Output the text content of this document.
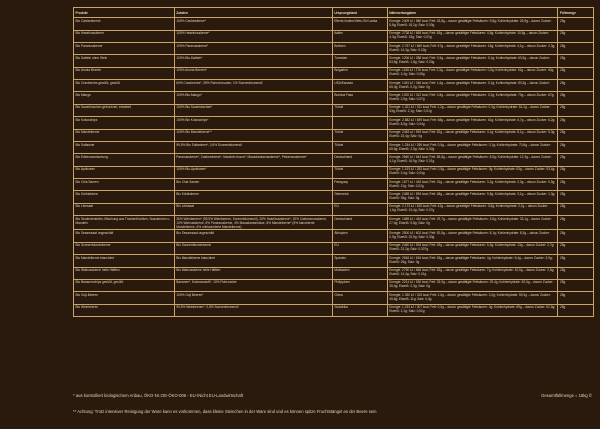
Produkt	Zutaten	Ursprungsland	Nährwertangaben	Füllmenge
Bio Cashewkerne	100% Cashewkerne*	Elfenb./Indien/Vietn./Sri Lanka	Energie: 2409 kJ / 580 kcal; Fett: 43,8g – davon gesättigte Fettsäuren: 9,8g; Kohlenhydrate: 26,9g – davon Zucker: 5,8g; Eiweiß: 18,2g; Salz: 0,03g	25g
Bio Haselnusskerne	100% Haselnusskerne*	Italien	Energie: 2738 kJ / 665 kcal; Fett: 63g – davon gesättigte Fettsäuren: 4,5g; Kohlenhydrate: 10,5g – davon Zucker: 4,3g; Eiweiß: 15g; Salz: 0,01g	25g
Bio Paranusskerne	100% Paranusskerne*	Bolivien	Energie: 2.757 kJ / 669 kcal; Fett: 67g – davon gesättigte Fettsäuren: 16g; Kohlenhydrate: 4,1g – davon Zucker: 2,3g; Eiweiß: 14,3g; Salz: 0,02g	25g
Bio Datteln ohne Stein	100% Bio-Datteln*	Tunesien	Energie: 1206 kJ / 288 kcal; Fett: 0,5g – davon gesättigte Fettsäuren: 0,1g; Kohlenhydrate: 63,5g – davon Zucker: 63,5g; Eiweiß: 1,8g; Salz: 0,03g	25g
Bio Aronia Beeren	100% Aronia Beeren*	Bulgarien	Energie: 1158 kJ / 276 kcal; Fett: 2,5g – davon gesättigte Fettsäuren: 0,5g; Kohlenhydrate: 51g – davon Zucker: 40g; Eiweiß: 2,4g; Salz: 0,05g	25g
Bio Cranberries gesüßt, gesüßt	60% Cranberries*, 39% Rohrohrzucker, 1% Sonnenblumenöl	USA/Kanada	Energie: 1451 kJ / 346 kcal; Fett: 1,6g – davon gesättigte Fettsäuren: 0,1g; Kohlenhydrate: 83,3g – davon Zucker: 65,3g; Eiweiß: 0,2g; Salz: 0g	25g
Bio Mango	100% Bio-Mango*	Burkina Faso	Energie: 1320 kJ / 312 kcal; Fett: 0,8g – davon gesättigte Fettsäuren: 0,2g; Kohlenhydrate: 70g – davon Zucker: 67g; Eiweiß: 2,5g; Salz: 0,07g	25g
Bio Sauerkirschen getrocknet, entsteint	100% Bio Sauerkirschen*	Türkei	Energie: 1.321 kJ / 311 kcal; Fett: 1,2g – davon gesättigte Fettsäuren: 0,3g; Kohlenhydrate: 54,2g – davon Zucker: 53g; Eiweiß: 2,1g; Salz: 0,01g	25g
Bio Kokoschips	100% Bio Kokoschips*		Energie: 2.882 kJ / 699 kcal; Fett: 68g – davon gesättigte Fettsäuren: 61g; Kohlenhydrate: 6,7g – davon Zucker: 6,2g; Eiweiß: 8,5g; Salz: 0,04g	25g
Bio Mandelkerne	100% Bio Mandelkerne**	Türkei	Energie: 2483 kJ / 593 kcal; Fett: 52g – davon gesättigte Fettsäuren: 4,1g; Kohlenhydrate: 8,1g – davon Zucker: 5,3g; Eiweiß: 23,4g; Salz: 0g	25g
Bio Sultanine	99,5% Bio Sultaninen*, 0,5% Sonnenblumenöl	Türkei	Energie: 1.254 kJ / 296 kcal; Fett: 0,5g – davon gesättigte Fettsäuren: 0,1g; Kohlenhydrate: 70,8g – davon Zucker: 65,6g; Eiweiß: 2,5g; Salz: 0,02g	25g
Bio Edelnussmischung	Paranusskerne*, Cashewkerne*, Mandeln braun*, Macadamianusskerne*, Pekannusskerne*	Deutschland	Energie: 2660 kJ / 643 kcal; Fett: 55,8g – davon gesättigte Fettsäuren: 8,5g; Kohlenhydrate: 12,3g – davon Zucker: 4,1g; Eiweiß: 16,9g; Salz: 0,01g	25g
Bio Aprikosen	100% Bio-Aprikosen*	Türkei	Energie: 1.193 kJ / 283 kcal; Fett: 0,5g – davon gesättigte Fettsäuren: 0g; Kohlenhydrate: 63g – davon Zucker: 53,4g; Eiweiß: 3,4g; Salz: 0,04g	25g
Bio Chia Samen	Bio Chia Samen	Paraguay	Energie: 1877 kJ / 453 kcal; Fett: 31g – davon gesättigte Fettsäuren: 3,2g; Kohlenhydrate: 2,3g – davon Zucker: 0,5g; Eiweiß: 21g; Salz: 0,02g	25g
Bio Kürbiskerne	Bio Kürbiskerne	Österreich	Energie: 2489 kJ / 594 kcal; Fett: 48g – davon gesättigte Fettsäuren: 9,8g; Kohlenhydrate: 3,1g – davon Zucker: 1,3g; Eiweiß: 35g; Salz: 0g	25g
Bio Leinsaat	Bio Leinsaat	EU	Energie: 2.173 kJ / 525 kcal; Fett: 42g – davon gesättigte Fettsäuren: 3,6g; Kohlenhydrate: 2,1g – davon Zucker: 1,6g; Eiweiß: 24,4g; Salz: 0,07g	25g
Bio Studentenfutter, Mischung aus Trockenfrüchten, Nusskernen u. Mandeln	36% Weinbeeren* (99,5% Weinbeeren, Sonnenblumenöl), 20% Haselnusskerne*, 20% Cashewnusskerne, 13% Walnusskerne, 6% Paranusskerne, 4% Macadamianüsse, 6% Mandelkerne* (6% blanchierte Mandelkerne, 6% unblanchierte Mandelkerne)	Deutschland	Energie: 1885 kJ / 454 kcal; Fett: 29,7g – davon gesättigte Fettsäuren: 3,6g; Kohlenhydrate: 33,1g – davon Zucker: 27,4g; Eiweiß: 9,8g; Salz: 0g	25g
Bio Sesamsaat ungeschält	Bio Sesamsaat ungeschält	Äthiopien	Energie: 2500 kJ / 602 kcal; Fett: 52,5g – davon gesättigte Fettsäuren: 8,1g; Kohlenhydrate: 8,3g – davon Zucker: 0,9g; Eiweiß: 20,9g; Salz: 0,03g	25g
Bio Sonnenblumenkerne	Bio Sonnenblumenkerne	EU	Energie: 2460 kJ / 594 kcal; Fett: 49g – davon gesättigte Fettsäuren: 5,5g; Kohlenhydrate: 13g – davon Zucker: 2,7g; Eiweiß: 22,2g; Salz: 0,007g	25g
Bio Mandelkerne blanchiert	Bio Mandelkerne blanchiert	Spanien	Energie: 2546 kJ / 616 kcal; Fett: 53g – davon gesättigte Fettsäuren: 4g; Kohlenhydrate: 5,4g – davon Zucker: 3,9g; Eiweiß: 25g; Salz: 0g	25g
Bio Walnusskerne helle Hälften	Bio Walnusskerne helle Hälften	Moldawien	Energie: 2790 kJ / 666 kcal; Fett: 63g – davon gesättigte Fettsäuren: 7g; Kohlenhydrate: 10,5g – davon Zucker: 2,6g; Eiweiß: 14,4g; Salz: 0,01g	25g
Bio Bananenchips gesüßt, gesüßt	Bananen*, Kokosnussöl*, 10% Rohrzucker	Philippinen	Energie: 2214 kJ / 530 kcal; Fett: 33,9g – davon gesättigte Fettsäuren: 29,4g; Kohlenhydrate: 52,6g – davon Zucker: 35,4g; Eiweiß: 2,3g; Salz: 0g	25g
Bio Goji-Beeren	100% Goji Beeren*	China	Energie: 1.330 kJ / 315 kcal; Fett: 1,6g – davon gesättigte Fettsäuren: 0,2g; Kohlenhydrate: 59,3g – davon Zucker: 45,6g; Eiweiß: 11g; Salz: 0,4g	25g
Bio Weinbeeren	99,5% Weinbeeren*, 0,5% Sonnenblumenöl	Südafrika	Energie: 1,233 kJ / 307 kcal; Fett: 0,5g – davon gesättigte Fettsäuren: 0g; Kohlenhydrate: 69g – davon Zucker: 62,5g; Eiweiß: 2,1g; Salz: 0,01g	25g
* aus kontrolliert biologischem Anbau, ÖKO-Nr.:DE-ÖKO-006 - EU-/Nicht EU-Landwirtschaft	Gesamtfüllmenge = 18kg ©
** Achtung: Trotz intensiver Reinigung der Ware kann es vorkommen, dass kleine Steinchen in der Ware sind und es können spitze Fruchtstängel an der Beere sein
